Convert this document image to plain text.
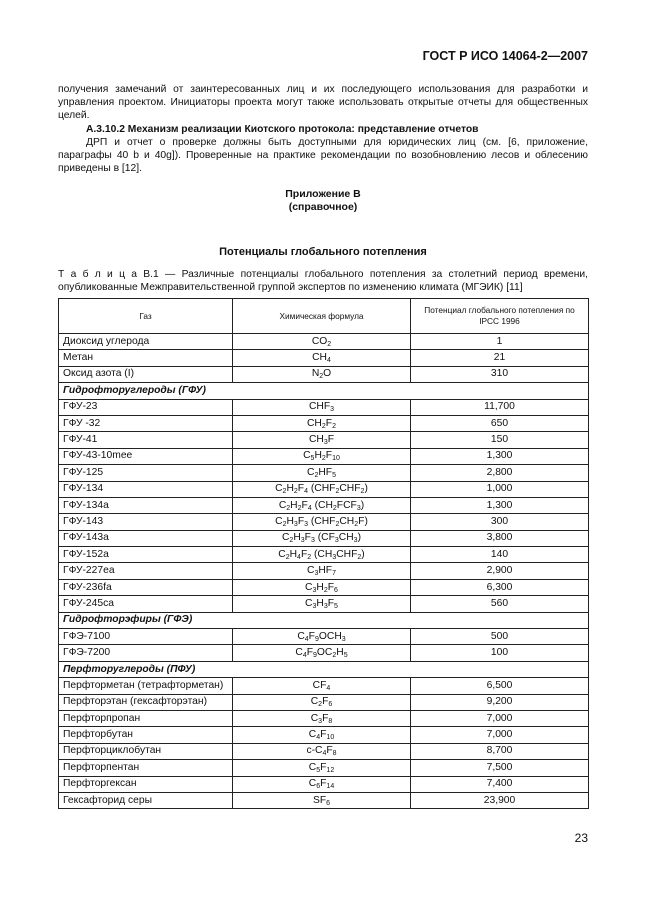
ГОСТ Р ИСО 14064-2—2007

получения замечаний от заинтересованных лиц и их последующего использования для разработки и управления проектом. Инициаторы проекта могут также использовать открытые отчеты для общественных целей.

А.3.10.2 Механизм реализации Киотского протокола: представление отчетов

ДРП и отчет о проверке должны быть доступными для юридических лиц (см. [6, приложение, параграфы 40 b и 40g]). Проверенные на практике рекомендации по возобновлению лесов и облесению приведены в [12].

Приложение В
(справочное)
Потенциалы глобального потепления
Т а б л и ц а В.1 — Различные потенциалы глобального потепления за столетний период времени, опубликованные Межправительственной группой экспертов по изменению климата (МГЭИК) [11]
Газ	Химическая формула	Потенциал глобального потепления по IPCC 1996
Диоксид углерода	$CO_2$	1
Метан	$CH_4$	21
Оксид азота (I)	$N_2O$	310
Гидрофторуглероды (ГФУ)		
ГФУ-23	$CHF_3$	11,700
ГФУ -32	$CH_2F_2$	650
ГФУ-41	$CH_3F$	150
ГФУ-43-10mee	$C_5H_2F_{10}$	1,300
ГФУ-125	$C_2HF_5$	2,800
ГФУ-134	$C_2H_2F_4$ $(CHF_2CHF_2)$	1,000
ГФУ-134a	$C_2H_2F_4$ $(CH_2FCF_3)$	1,300
ГФУ-143	$C_2H_3F_3$ $(CHF_2CH_2F)$	300
ГФУ-143a	$C_2H_3F_3$ $(CF_3CH_3)$	3,800
ГФУ-152a	$C_2H_4F_2$ $(CH_3CHF_2)$	140
ГФУ-227ea	$C_3HF_7$	2,900
ГФУ-236fa	$C_3H_2F_6$	6,300
ГФУ-245ca	$C_3H_3F_5$	560
Гидрофторэфиры (ГФЭ)		
ГФЭ-7100	$C_4F_9OCH_3$	500
ГФЭ-7200	$C_4F_9OC_2H_5$	100
Перфторуглероды (ПФУ)		
Перфторметан (тетрафторметан)	$CF_4$	6,500
Перфторэтан (гексафторэтан)	$C_2F_6$	9,200
Перфторпропан	$C_3F_8$	7,000
Перфторбутан	$C_4F_{10}$	7,000
Перфторциклобутан	$c-C_4F_8$	8,700
Перфторпентан	$C_5F_{12}$	7,500
Перфторгексан	$C_6F_{14}$	7,400
Гексафторид серы	$SF_6$	23,900
23
